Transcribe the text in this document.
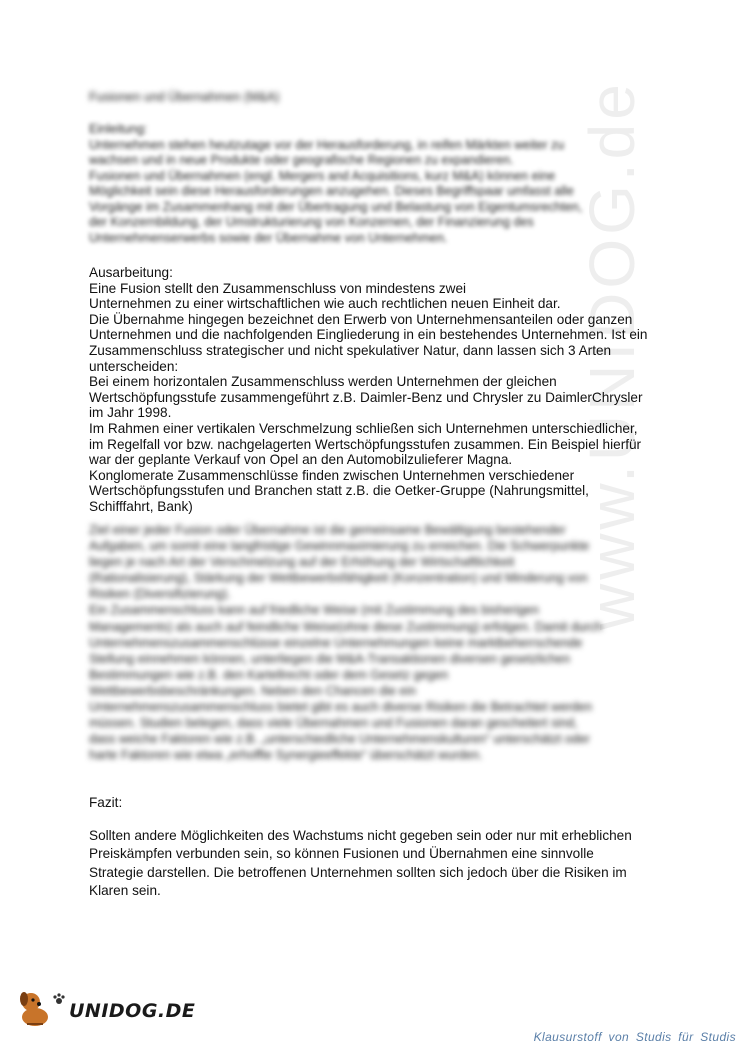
www.UNIDOG.de
Fusionen und Übernahmen (M&A)

Einleitung:

Unternehmen stehen heutzutage vor der Herausforderung, in reifen Märkten weiter zu

wachsen und in neue Produkte oder geografische Regionen zu expandieren.

Fusionen und Übernahmen (engl. Mergers and Acquisitions, kurz M&A) können eine

Möglichkeit sein diese Herausforderungen anzugehen. Dieses Begriffspaar umfasst alle

Vorgänge im Zusammenhang mit der Übertragung und Belastung von Eigentumsrechten,

der Konzernbildung, der Umstrukturierung von Konzernen, der Finanzierung des

Unternehmenserwerbs sowie der Übernahme von Unternehmen.

Ausarbeitung:

Eine Fusion stellt den Zusammenschluss von mindestens zwei

Unternehmen zu einer wirtschaftlichen wie auch rechtlichen neuen Einheit dar.

Die Übernahme hingegen bezeichnet den Erwerb von Unternehmensanteilen oder ganzen

Unternehmen und die nachfolgenden Eingliederung in ein bestehendes Unternehmen. Ist ein

Zusammenschluss strategischer und nicht spekulativer Natur, dann lassen sich 3 Arten

unterscheiden:

Bei einem horizontalen Zusammenschluss werden Unternehmen der gleichen

Wertschöpfungsstufe zusammengeführt z.B. Daimler-Benz und Chrysler zu DaimlerChrysler

im Jahr 1998.

Im Rahmen einer vertikalen Verschmelzung schließen sich Unternehmen unterschiedlicher,

im Regelfall vor bzw. nachgelagerten Wertschöpfungsstufen zusammen. Ein Beispiel hierfür

war der geplante Verkauf von Opel an den Automobilzulieferer Magna.

Konglomerate Zusammenschlüsse finden zwischen Unternehmen verschiedener

Wertschöpfungsstufen und Branchen statt z.B. die Oetker-Gruppe (Nahrungsmittel,

Schifffahrt, Bank)

Ziel einer jeder Fusion oder Übernahme ist die gemeinsame Bewältigung bestehender

Aufgaben, um somit eine langfristige Gewinnmaximierung zu erreichen. Die Schwerpunkte

liegen je nach Art der Verschmelzung auf der Erhöhung der Wirtschaftlichkeit

(Rationalisierung), Stärkung der Wettbewerbsfähigkeit (Konzentration) und Minderung von

Risiken (Diversifizierung).

Ein Zusammenschluss kann auf friedliche Weise (mit Zustimmung des bisherigen

Managements) als auch auf feindliche Weise(ohne diese Zustimmung) erfolgen. Damit durch

Unternehmenszusammenschlüsse einzelne Unternehmungen keine marktbeherrschende

Stellung einnehmen können, unterliegen die M&A-Transaktionen diversen gesetzlichen

Bestimmungen wie z.B. den Kartellrecht oder dem Gesetz gegen

Wettbewerbsbeschränkungen. Neben den Chancen die ein

Unternehmenszusammenschluss bietet gibt es auch diverse Risiken die Betrachtet werden

müssen. Studien belegen, dass viele Übernahmen und Fusionen daran gescheitert sind,

dass weiche Faktoren wie z.B. „unterschiedliche Unternehmenskulturen“ unterschätzt oder

harte Faktoren wie etwa „erhoffte Synergieeffekte“ überschätzt wurden.

Fazit:

Sollten andere Möglichkeiten des Wachstums nicht gegeben sein oder nur mit erheblichen

Preiskämpfen verbunden sein, so können Fusionen und Übernahmen eine sinnvolle

Strategie darstellen. Die betroffenen Unternehmen sollten sich jedoch über die Risiken im

Klaren sein.

UNIDOG.DE
Klausurstoff von Studis für Studis
